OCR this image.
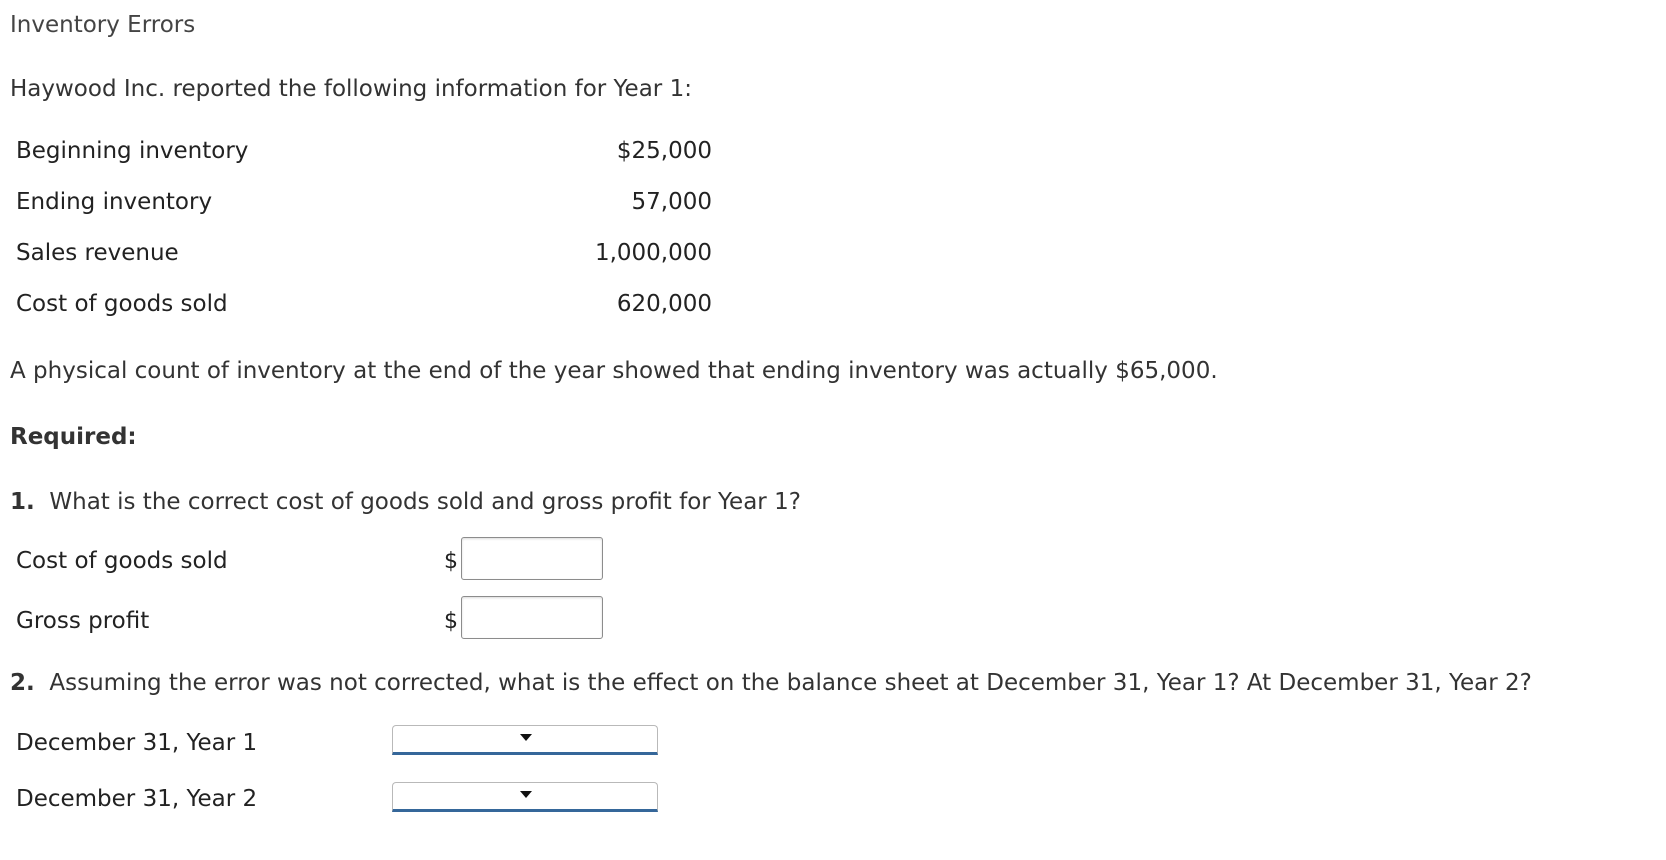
Inventory Errors
Haywood Inc. reported the following information for Year 1:
Beginning inventory	$25,000
Ending inventory	57,000
Sales revenue	1,000,000
Cost of goods sold	620,000
A physical count of inventory at the end of the year showed that ending inventory was actually $65,000.
Required:
1. What is the correct cost of goods sold and gross profit for Year 1?
Cost of goods sold	$
Gross profit	$
2. Assuming the error was not corrected, what is the effect on the balance sheet at December 31, Year 1? At December 31, Year 2?
December 31, Year 1
December 31, Year 2
